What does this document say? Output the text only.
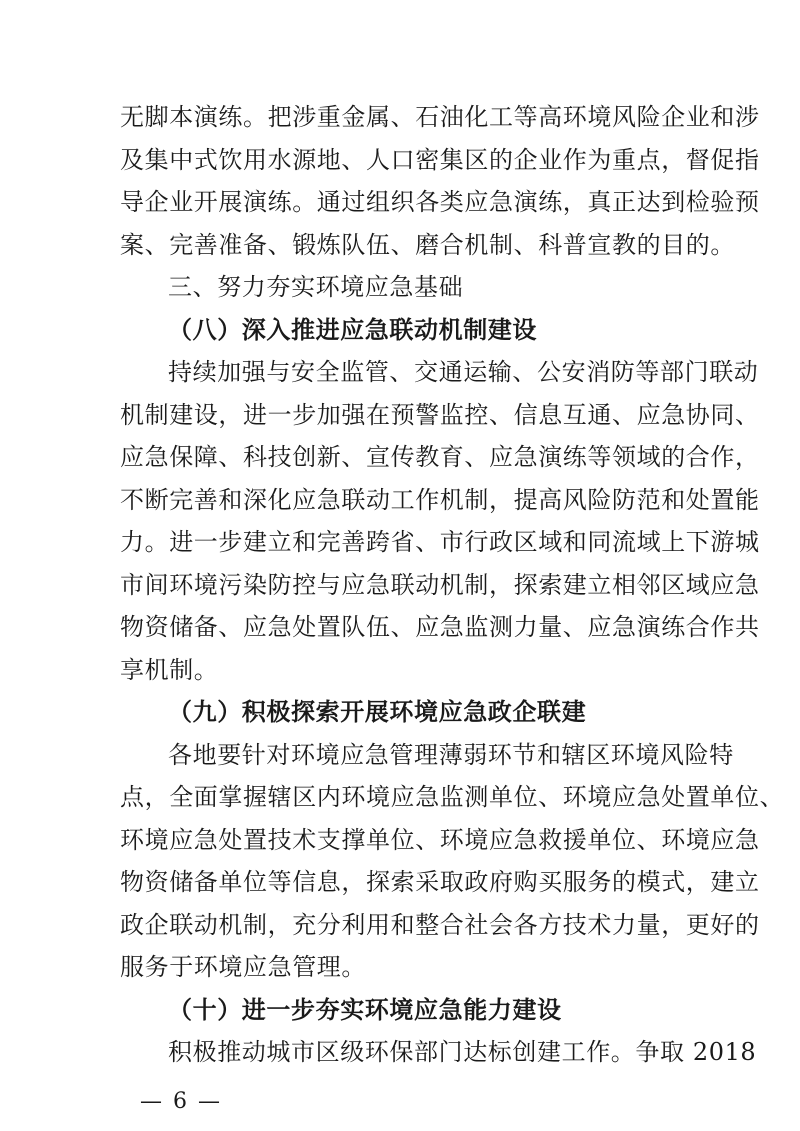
无脚本演练。把涉重金属、石油化工等高环境风险企业和涉
及集中式饮用水源地、人口密集区的企业作为重点，督促指
导企业开展演练。通过组织各类应急演练，真正达到检验预
案、完善准备、锻炼队伍、磨合机制、科普宣教的目的。
三、努力夯实环境应急基础
（八）深入推进应急联动机制建设
持续加强与安全监管、交通运输、公安消防等部门联动
机制建设，进一步加强在预警监控、信息互通、应急协同、
应急保障、科技创新、宣传教育、应急演练等领域的合作，
不断完善和深化应急联动工作机制，提高风险防范和处置能
力。进一步建立和完善跨省、市行政区域和同流域上下游城
市间环境污染防控与应急联动机制，探索建立相邻区域应急
物资储备、应急处置队伍、应急监测力量、应急演练合作共
享机制。
（九）积极探索开展环境应急政企联建
各地要针对环境应急管理薄弱环节和辖区环境风险特
点，全面掌握辖区内环境应急监测单位、环境应急处置单位、
环境应急处置技术支撑单位、环境应急救援单位、环境应急
物资储备单位等信息，探索采取政府购买服务的模式，建立
政企联动机制，充分利用和整合社会各方技术力量，更好的
服务于环境应急管理。
— 6 —
（十）进一步夯实环境应急能力建设
积极推动城市区级环保部门达标创建工作。争取 2018
